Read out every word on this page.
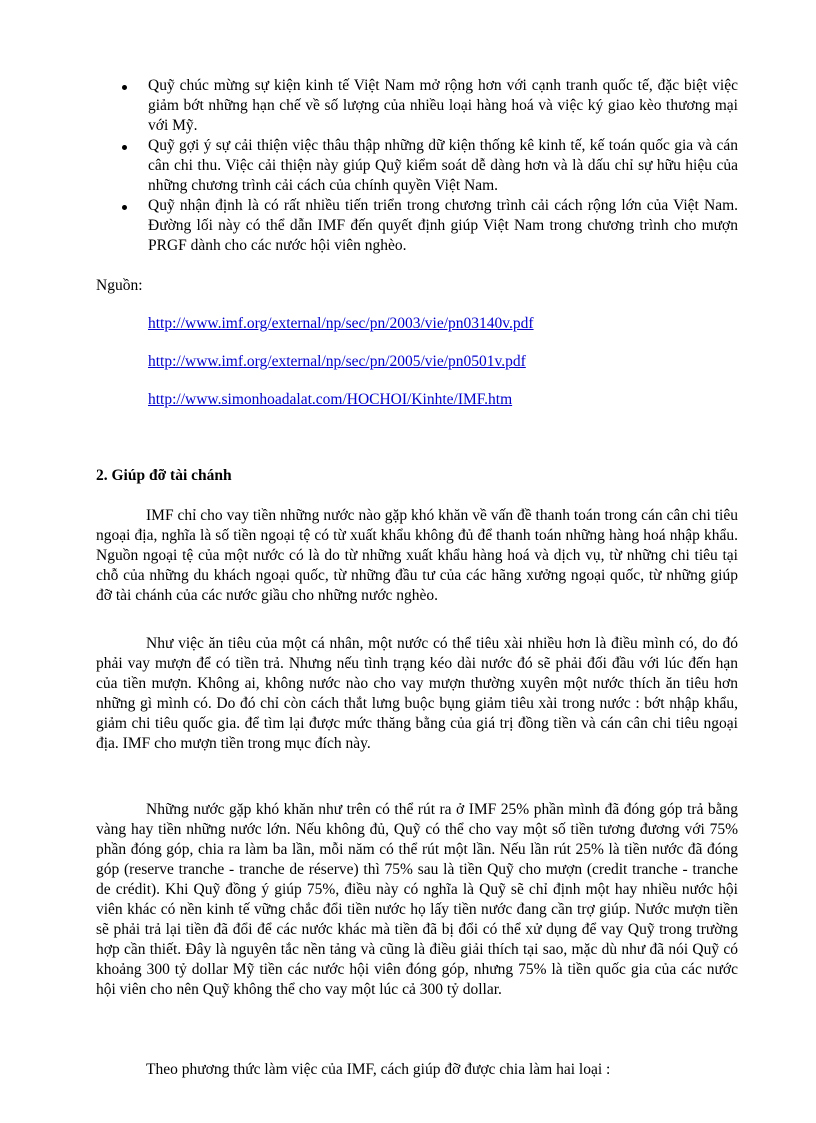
Quỹ chúc mừng sự kiện kinh tế Việt Nam mở rộng hơn với cạnh tranh quốc tế, đặc biệt việc giảm bớt những hạn chế về số lượng của nhiều loại hàng hoá và việc ký giao kèo thương mại với Mỹ.
Quỹ gợi ý sự cải thiện việc thâu thập những dữ kiện thống kê kinh tế, kế toán quốc gia và cán cân chi thu. Việc cải thiện này giúp Quỹ kiểm soát dễ dàng hơn và là dấu chỉ sự hữu hiệu của những chương trình cải cách của chính quyền Việt Nam.
Quỹ nhận định là có rất nhiều tiến triển trong chương trình cải cách rộng lớn của Việt Nam. Đường lối này có thể dẫn IMF đến quyết định giúp Việt Nam trong chương trình cho mượn PRGF dành cho các nước hội viên nghèo.
Nguồn:
http://www.imf.org/external/np/sec/pn/2003/vie/pn03140v.pdf
http://www.imf.org/external/np/sec/pn/2005/vie/pn0501v.pdf
http://www.simonhoadalat.com/HOCHOI/Kinhte/IMF.htm
2. Giúp đỡ tài chánh

IMF chỉ cho vay tiền những nước nào gặp khó khăn về vấn đề thanh toán trong cán cân chi tiêu ngoại địa, nghĩa là số tiền ngoại tệ có từ xuất khẩu không đủ để thanh toán những hàng hoá nhập khẩu. Nguồn ngoại tệ của một nước có là do từ những xuất khẩu hàng hoá và dịch vụ, từ những chi tiêu tại chỗ của những du khách ngoại quốc, từ những đầu tư của các hãng xưởng ngoại quốc, từ những giúp đỡ tài chánh của các nước giầu cho những nước nghèo.

Như việc ăn tiêu của một cá nhân, một nước có thể tiêu xài nhiều hơn là điều mình có, do đó phải vay mượn để có tiền trả. Nhưng nếu tình trạng kéo dài nước đó sẽ phải đối đầu với lúc đến hạn của tiền mượn. Không ai, không nước nào cho vay mượn thường xuyên một nước thích ăn tiêu hơn những gì mình có. Do đó chỉ còn cách thắt lưng buộc bụng giảm tiêu xài trong nước : bớt nhập khẩu, giảm chi tiêu quốc gia. để tìm lại được mức thăng bằng của giá trị đồng tiền và cán cân chi tiêu ngoại địa. IMF cho mượn tiền trong mục đích này.

Những nước gặp khó khăn như trên có thể rút ra ở IMF 25% phần mình đã đóng góp trả bằng vàng hay tiền những nước lớn. Nếu không đủ, Quỹ có thể cho vay một số tiền tương đương với 75% phần đóng góp, chia ra làm ba lần, mỗi năm có thể rút một lần. Nếu lần rút 25% là tiền nước đã đóng góp (reserve tranche - tranche de réserve) thì 75% sau là tiền Quỹ cho mượn (credit tranche - tranche de crédit). Khi Quỹ đồng ý giúp 75%, điều này có nghĩa là Quỹ sẽ chỉ định một hay nhiều nước hội viên khác có nền kinh tế vững chắc đổi tiền nước họ lấy tiền nước đang cần trợ giúp. Nước mượn tiền sẽ phải trả lại tiền đã đổi để các nước khác mà tiền đã bị đổi có thể xử dụng để vay Quỹ trong trường hợp cần thiết. Đây là nguyên tắc nền tảng và cũng là điều giải thích tại sao, mặc dù như đã nói Quỹ có khoảng 300 tỷ dollar Mỹ tiền các nước hội viên đóng góp, nhưng 75% là tiền quốc gia của các nước hội viên cho nên Quỹ không thể cho vay một lúc cả 300 tỷ dollar.

Theo phương thức làm việc của IMF, cách giúp đỡ được chia làm hai loại :
